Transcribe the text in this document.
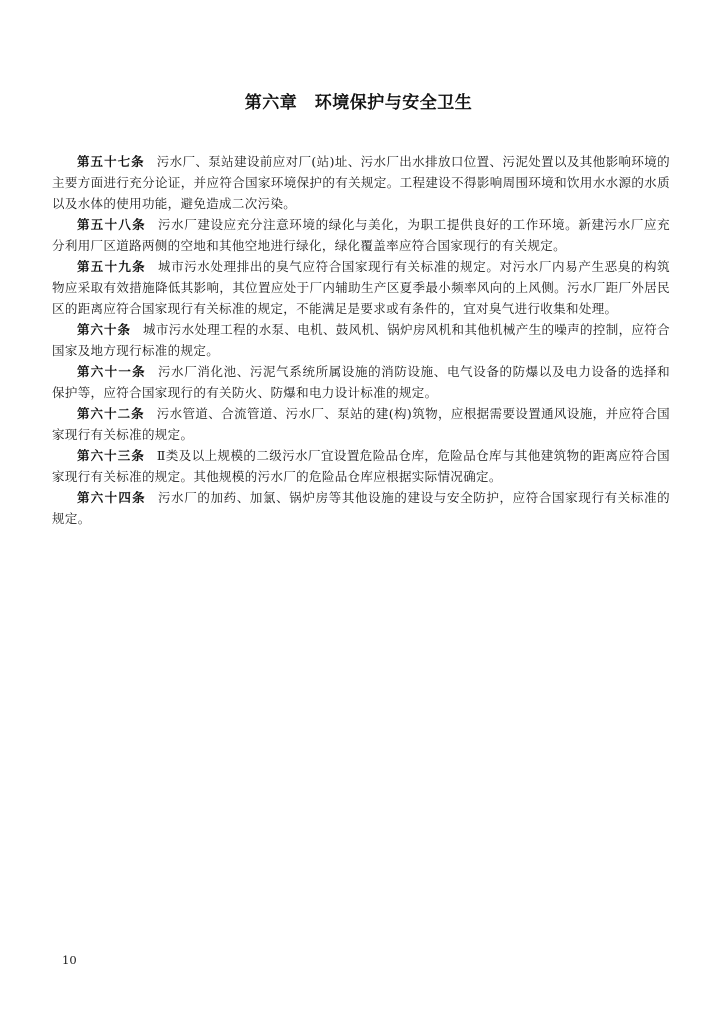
第六章　环境保护与安全卫生

第五十七条 污水厂、泵站建设前应对厂(站)址、污水厂出水排放口位置、污泥处置以及其他影响环境的主要方面进行充分论证，并应符合国家环境保护的有关规定。工程建设不得影响周围环境和饮用水水源的水质以及水体的使用功能，避免造成二次污染。

第五十八条 污水厂建设应充分注意环境的绿化与美化，为职工提供良好的工作环境。新建污水厂应充分利用厂区道路两侧的空地和其他空地进行绿化，绿化覆盖率应符合国家现行的有关规定。

第五十九条 城市污水处理排出的臭气应符合国家现行有关标准的规定。对污水厂内易产生恶臭的构筑物应采取有效措施降低其影响，其位置应处于厂内辅助生产区夏季最小频率风向的上风侧。污水厂距厂外居民区的距离应符合国家现行有关标准的规定，不能满足是要求或有条件的，宜对臭气进行收集和处理。

第六十条 城市污水处理工程的水泵、电机、鼓风机、锅炉房风机和其他机械产生的噪声的控制，应符合国家及地方现行标准的规定。

第六十一条 污水厂消化池、污泥气系统所属设施的消防设施、电气设备的防爆以及电力设备的选择和保护等，应符合国家现行的有关防火、防爆和电力设计标准的规定。

第六十二条 污水管道、合流管道、污水厂、泵站的建(构)筑物，应根据需要设置通风设施，并应符合国家现行有关标准的规定。

第六十三条 Ⅱ类及以上规模的二级污水厂宜设置危险品仓库，危险品仓库与其他建筑物的距离应符合国家现行有关标准的规定。其他规模的污水厂的危险品仓库应根据实际情况确定。

第六十四条 污水厂的加药、加氯、锅炉房等其他设施的建设与安全防护，应符合国家现行有关标准的规定。

10
